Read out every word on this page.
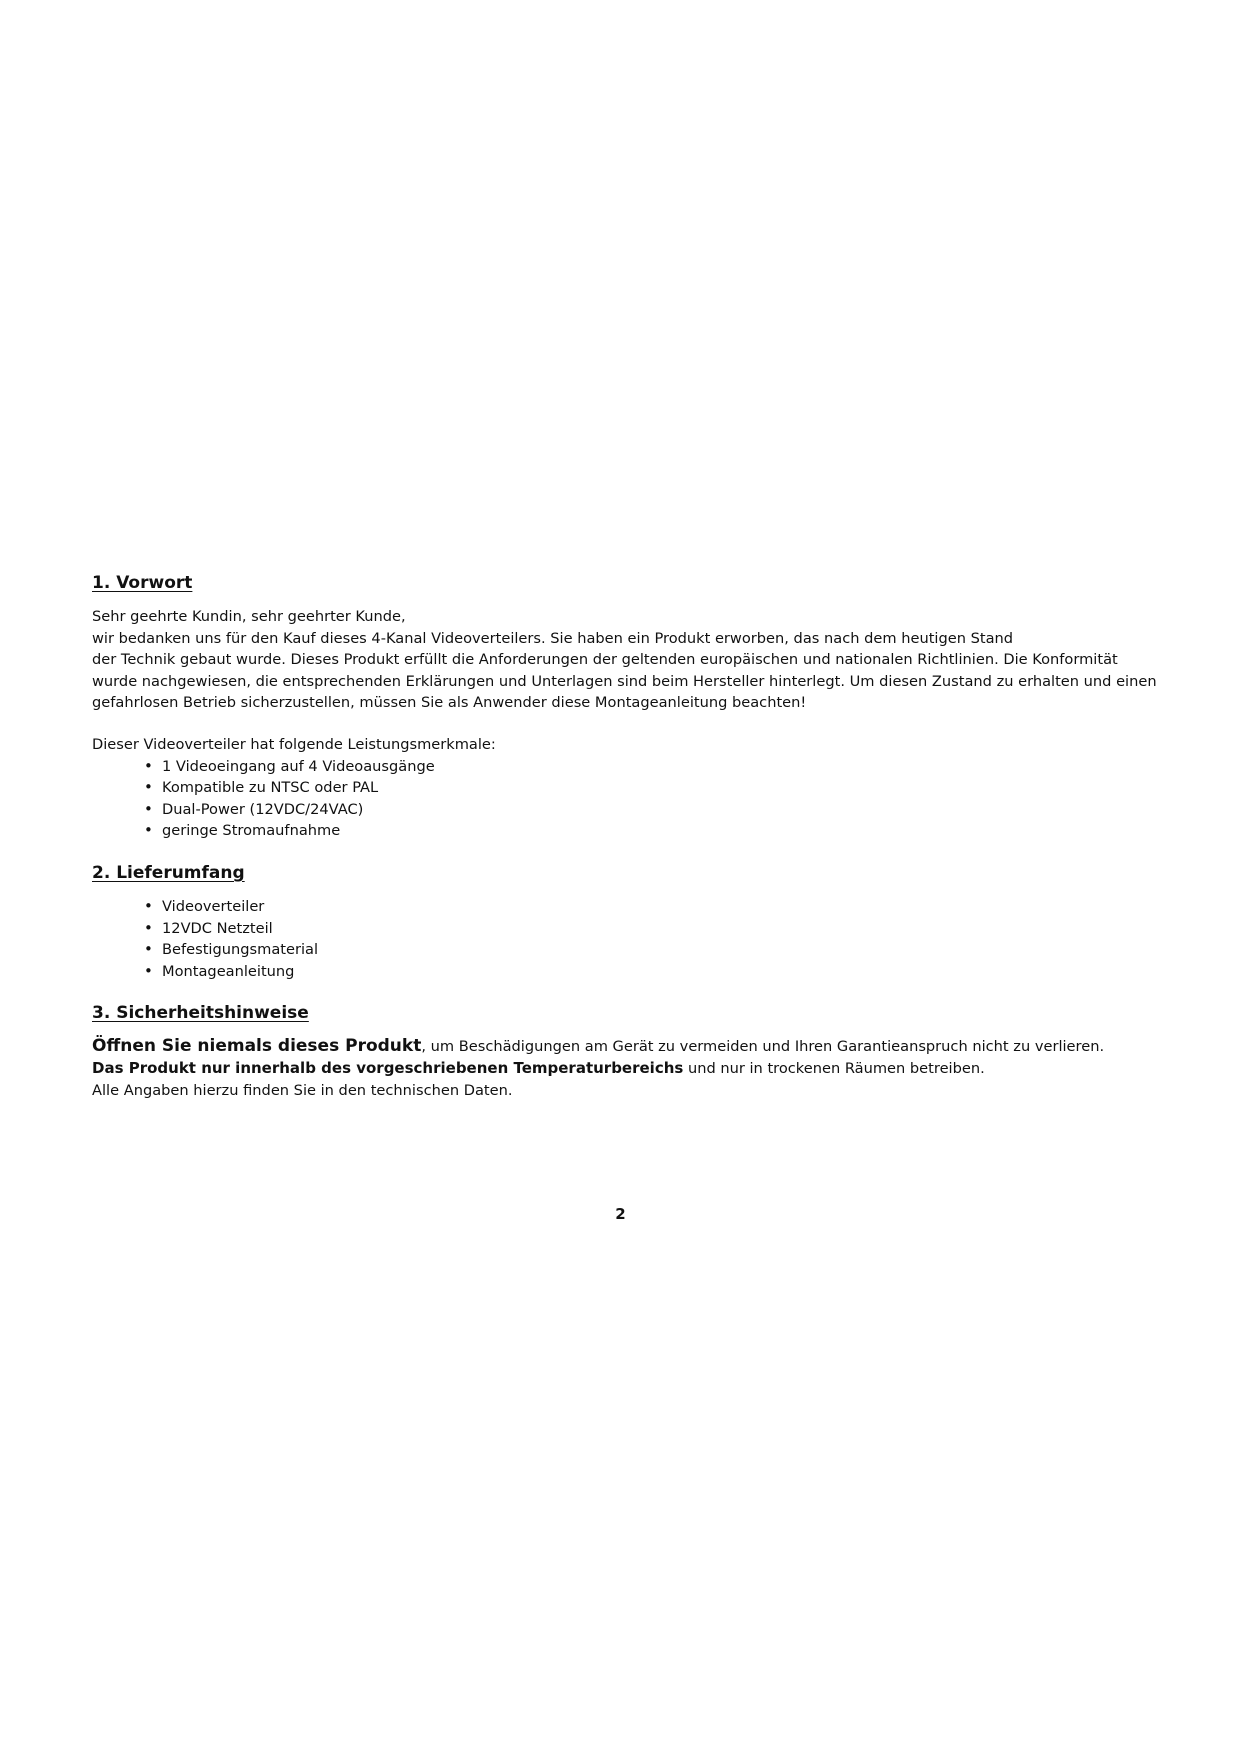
1. Vorwort

Sehr geehrte Kundin, sehr geehrter Kunde,

wir bedanken uns für den Kauf dieses 4-Kanal Videoverteilers. Sie haben ein Produkt erworben, das nach dem heutigen Stand

der Technik gebaut wurde. Dieses Produkt erfüllt die Anforderungen der geltenden europäischen und nationalen Richtlinien. Die Konformität

wurde nachgewiesen, die entsprechenden Erklärungen und Unterlagen sind beim Hersteller hinterlegt. Um diesen Zustand zu erhalten und einen

gefahrlosen Betrieb sicherzustellen, müssen Sie als Anwender diese Montageanleitung beachten!

Dieser Videoverteiler hat folgende Leistungsmerkmale:

• 1 Videoeingang auf 4 Videoausgänge
• Kompatible zu NTSC oder PAL
• Dual-Power (12VDC/24VAC)
• geringe Stromaufnahme
2. Lieferumfang
• Videoverteiler
• 12VDC Netzteil
• Befestigungsmaterial
• Montageanleitung
3. Sicherheitshinweise

Öffnen Sie niemals dieses Produkt, um Beschädigungen am Gerät zu vermeiden und Ihren Garantieanspruch nicht zu verlieren.

Das Produkt nur innerhalb des vorgeschriebenen Temperaturbereichs und nur in trockenen Räumen betreiben.

Alle Angaben hierzu finden Sie in den technischen Daten.

2
